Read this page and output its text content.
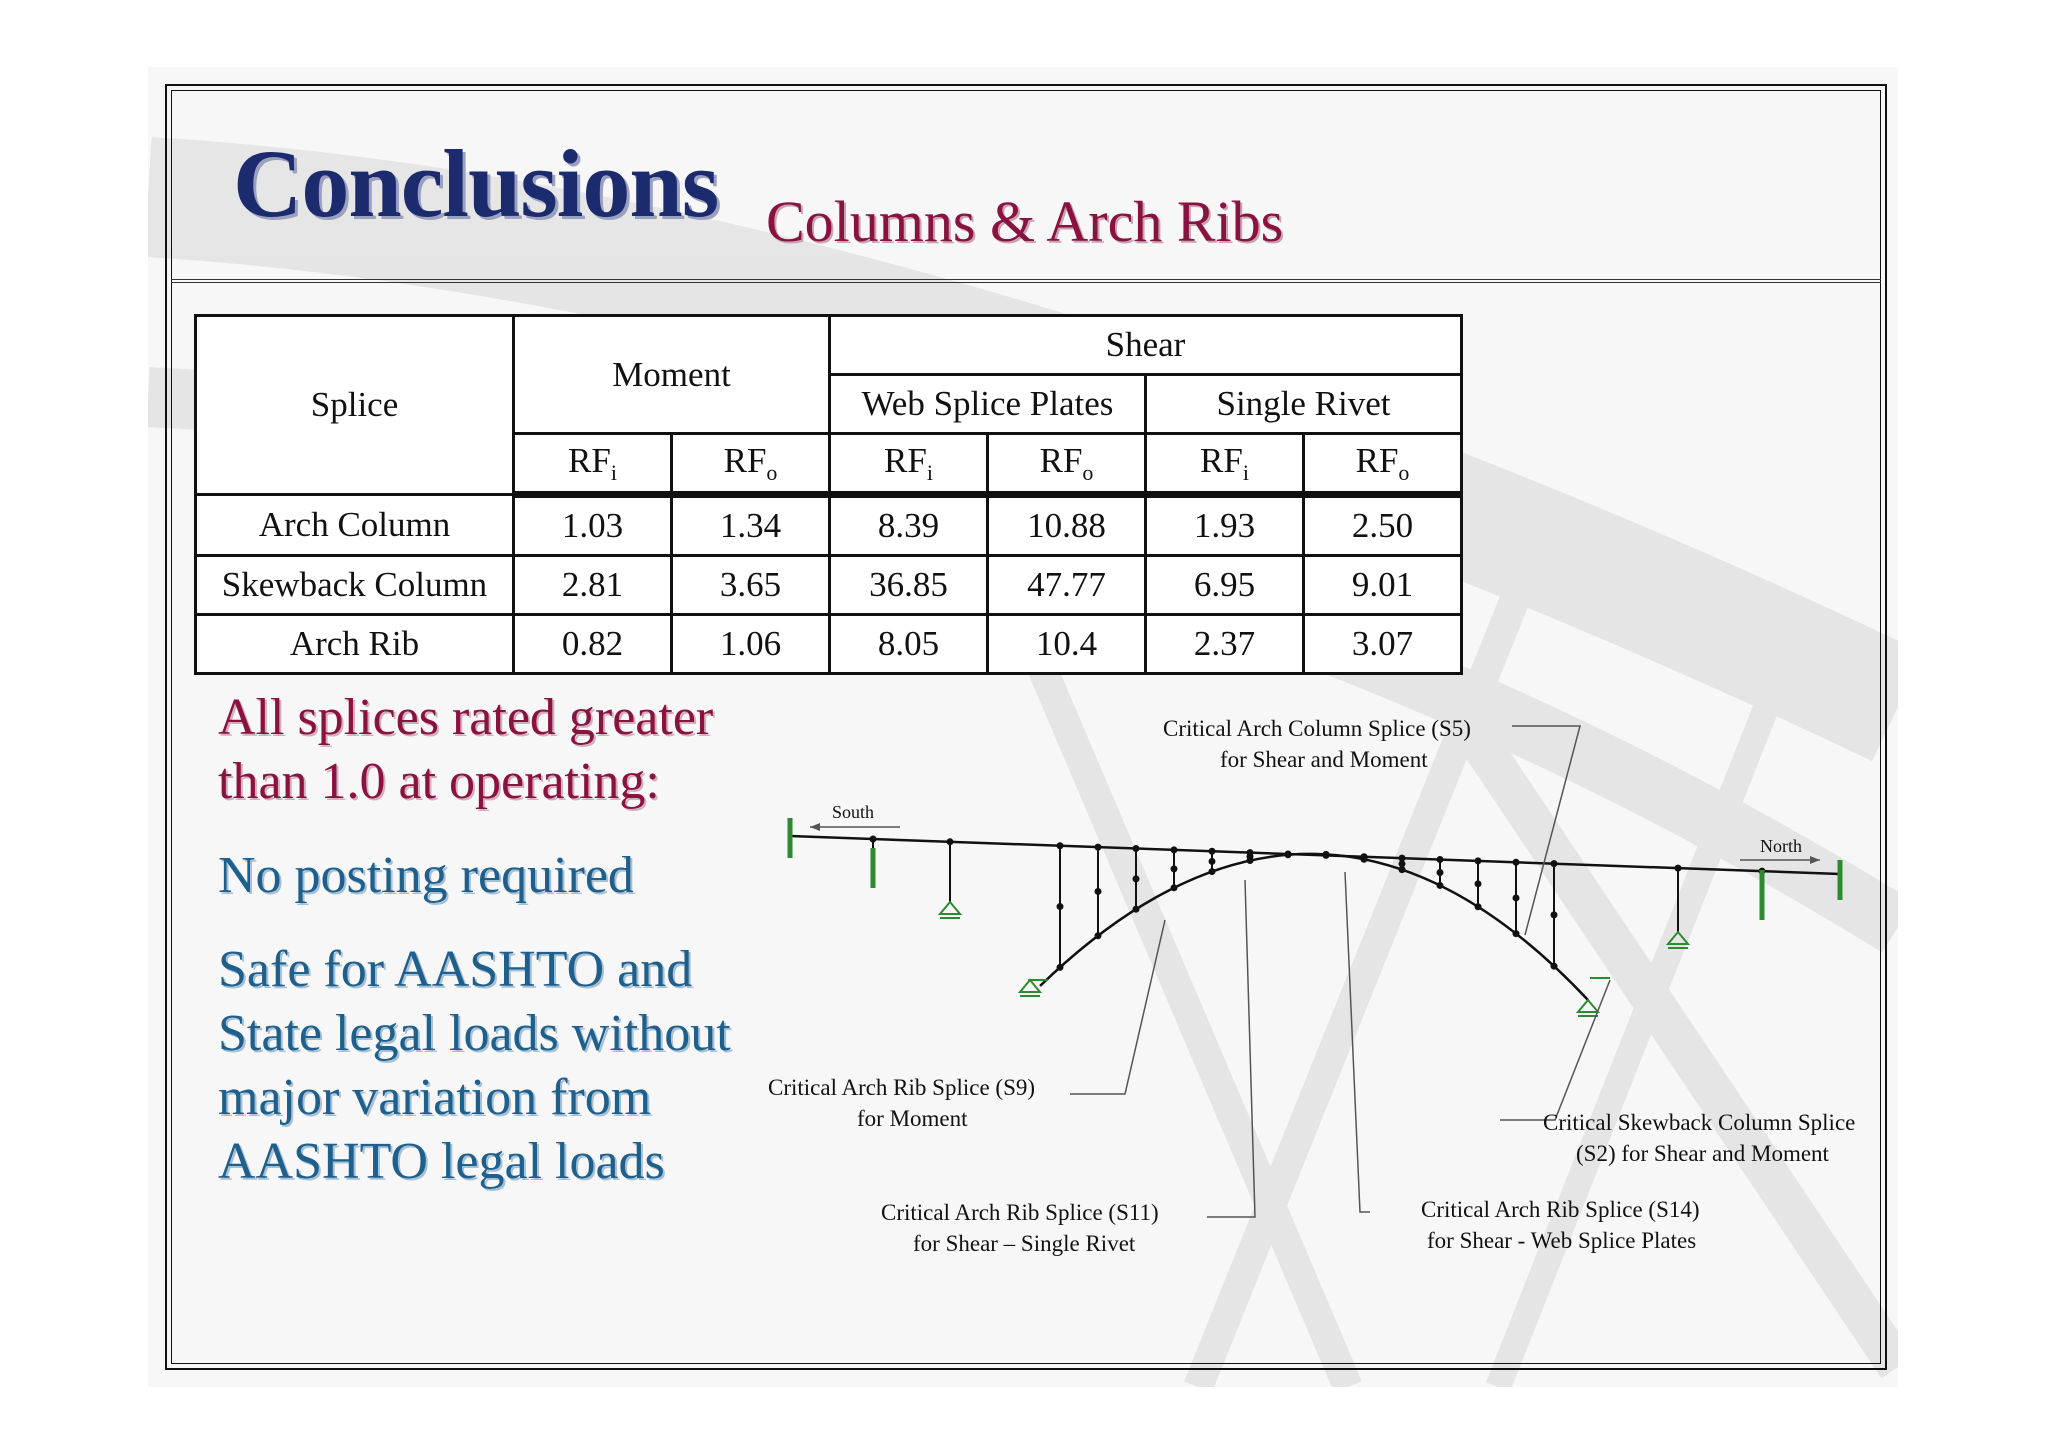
Conclusions Columns & Arch Ribs
Splice	Moment		Shear			
			Web Splice Plates		Single Rivet	
	$RF_i$	$RF_o$	$RF_i$	$RF_o$	$RF_i$	$RF_o$
Arch Column	1.03	1.34	8.39	10.88	1.93	2.50
Skewback Column	2.81	3.65	36.85	47.77	6.95	9.01
Arch Rib	0.82	1.06	8.05	10.4	2.37	3.07
All splices rated greater than 1.0 at operating:
No posting required
Safe for AASHTO and State legal loads without major variation from AASHTO legal loads
South
North
Critical Arch Column Splice (S5)
for Shear and Moment
Critical Arch Rib Splice (S9)
for Moment
Critical Arch Rib Splice (S11)
for Shear – Single Rivet
Critical Skewback Column Splice
(S2) for Shear and Moment
Critical Arch Rib Splice (S14)
for Shear - Web Splice Plates
